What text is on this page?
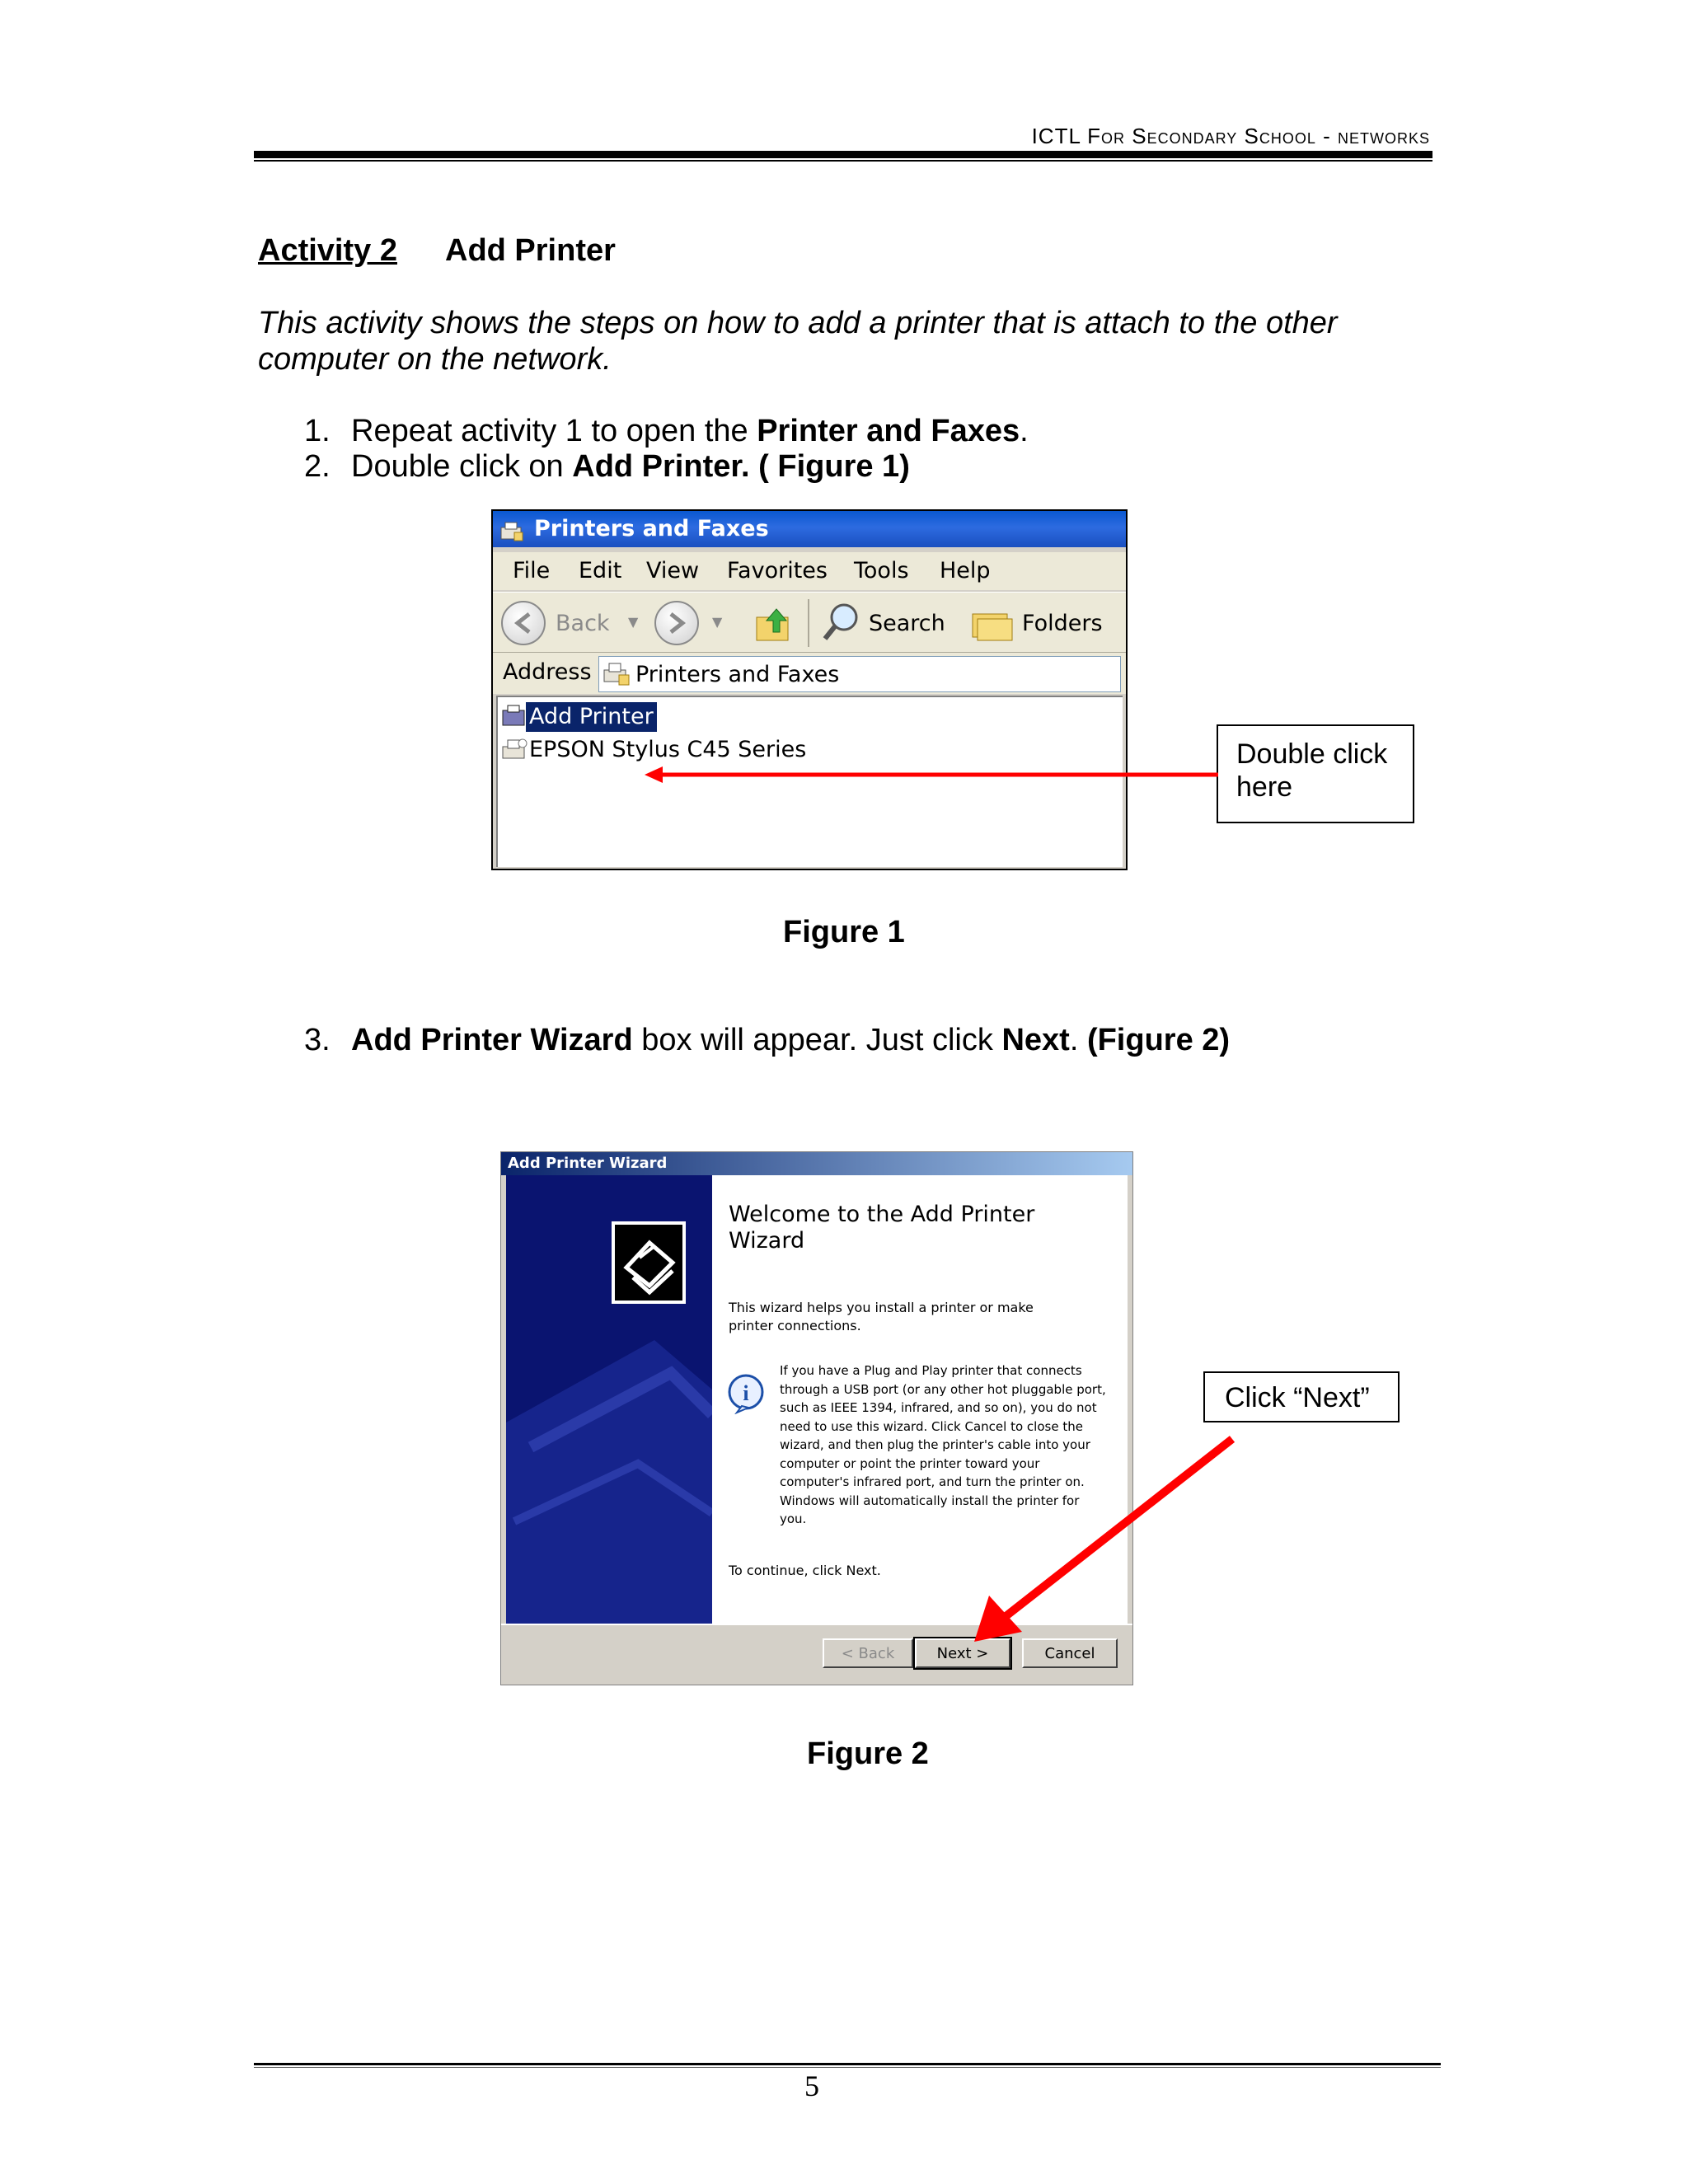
ICTL For Secondary School - networks
Activity 2 Add Printer
This activity shows the steps on how to add a printer that is attach to the other computer on the network.
1. Repeat activity 1 to open the Printer and Faxes.
2. Double click on Add Printer. ( Figure 1)
Printers and Faxes
File Edit View Favorites Tools Help
Back ▼	▼	Search	Folders
Address Printers and Faxes
Add Printer
EPSON Stylus C45 Series	Double click here
Figure 1
3. Add Printer Wizard box will appear. Just click Next. (Figure 2)
Add Printer Wizard
Welcome to the Add Printer Wizard
This wizard helps you install a printer or make printer connections.
i
If you have a Plug and Play printer that connects through a USB port (or any other hot pluggable port, such as IEEE 1394, infrared, and so on), you do not need to use this wizard. Click Cancel to close the wizard, and then plug the printer's cable into your computer or point the printer toward your computer's infrared port, and turn the printer on. Windows will automatically install the printer for you.
To continue, click Next.
< Back	Next >	Cancel
Click “Next”
Figure 2
5
